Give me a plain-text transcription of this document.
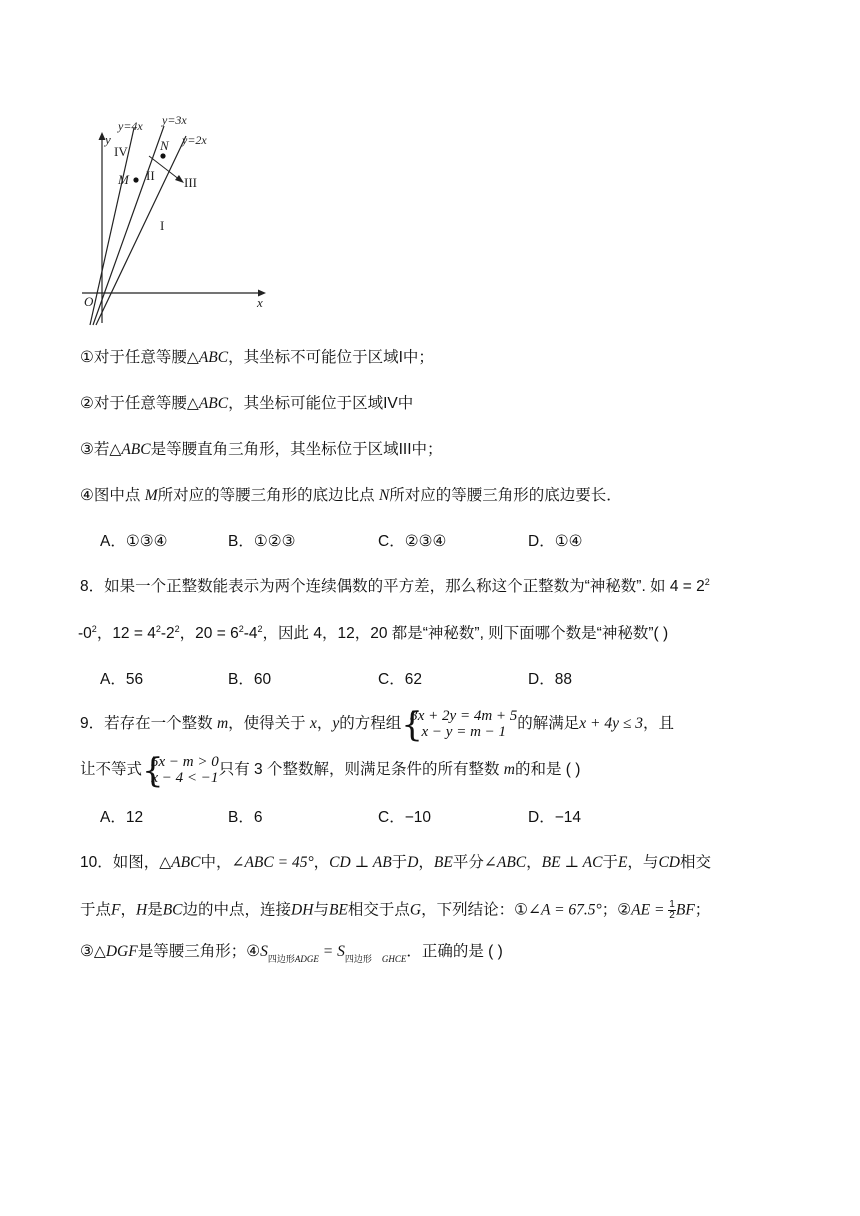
y=4x y=3x
y=2x
y
x
O
M
N
IV
II III
I
①对于任意等腰△ABC，其坐标不可能位于区域I中；
②对于任意等腰△ABC，其坐标可能位于区域IV中
③若△ABC是等腰直角三角形，其坐标位于区域III中；
④图中点 M所对应的等腰三角形的底边比点 N所对应的等腰三角形的底边要长．
A．①③④	B．①②③	C．②③④	D．①④
8．如果一个正整数能表示为两个连续偶数的平方差，那么称这个正整数为“神秘数”. 如 $4 = 2^2$
$-0^2$，$12 = 4^2-2^2$，$20 = 6^2-4^2$，因此 4，12，20 都是“神秘数”, 则下面哪个数是“神秘数”( )
A．56	B．60	C．62	D．88
9．若存在一个整数 m，使得关于 x，y的方程组 {
3x + 2y = 4m + 5
x − y = m − 1 的解满足x + 4y ≤ 3，且
让不等式 {
5x − m > 0
x − 4 < −1 只有 3 个整数解，则满足条件的所有整数 m的和是 ( )
A．12	B．6	C．−10	D．−14
10．如图，△ABC中，∠ABC = 45°，CD ⊥ AB于D，BE平分∠ABC，BE ⊥ AC于E，与CD相交
于点F，H是BC边的中点，连接DH与BE相交于点G，下列结论：①∠A = 67.5°；②AE = $\frac{1}{2}$ BF；
③△DGF是等腰三角形；$④S_{四边形ADGE} = S_{四边形 GHCE}$．正确的是 ( )
